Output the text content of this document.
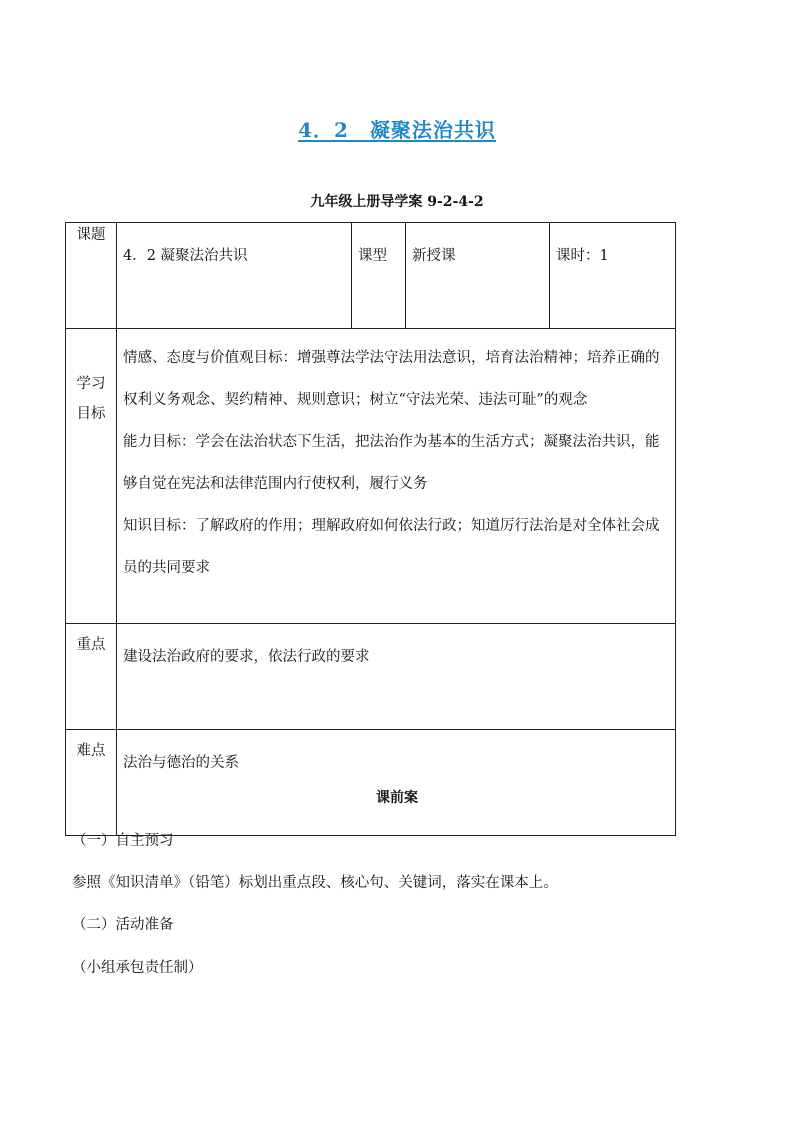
4．2　凝聚法治共识
九年级上册导学案 9-2-4-2
课题	4．2 凝聚法治共识	课型	新授课	课时：1

学习目标	情感、态度与价值观目标：增强尊法学法守法用法意识，培育法治精神；培养正确的权利义务观念、契约精神、规则意识；树立“守法光荣、违法可耻”的观念

能力目标：学会在法治状态下生活，把法治作为基本的生活方式；凝聚法治共识，能够自觉在宪法和法律范围内行使权利，履行义务

知识目标：了解政府的作用；理解政府如何依法行政；知道厉行法治是对全体社会成员的共同要求			

重点	建设法治政府的要求，依法行政的要求			
难点	法治与德治的关系			
课前案
（一）自主预习
参照《知识清单》（铅笔）标划出重点段、核心句、关键词，落实在课本上。
（二）活动准备
（小组承包责任制）
